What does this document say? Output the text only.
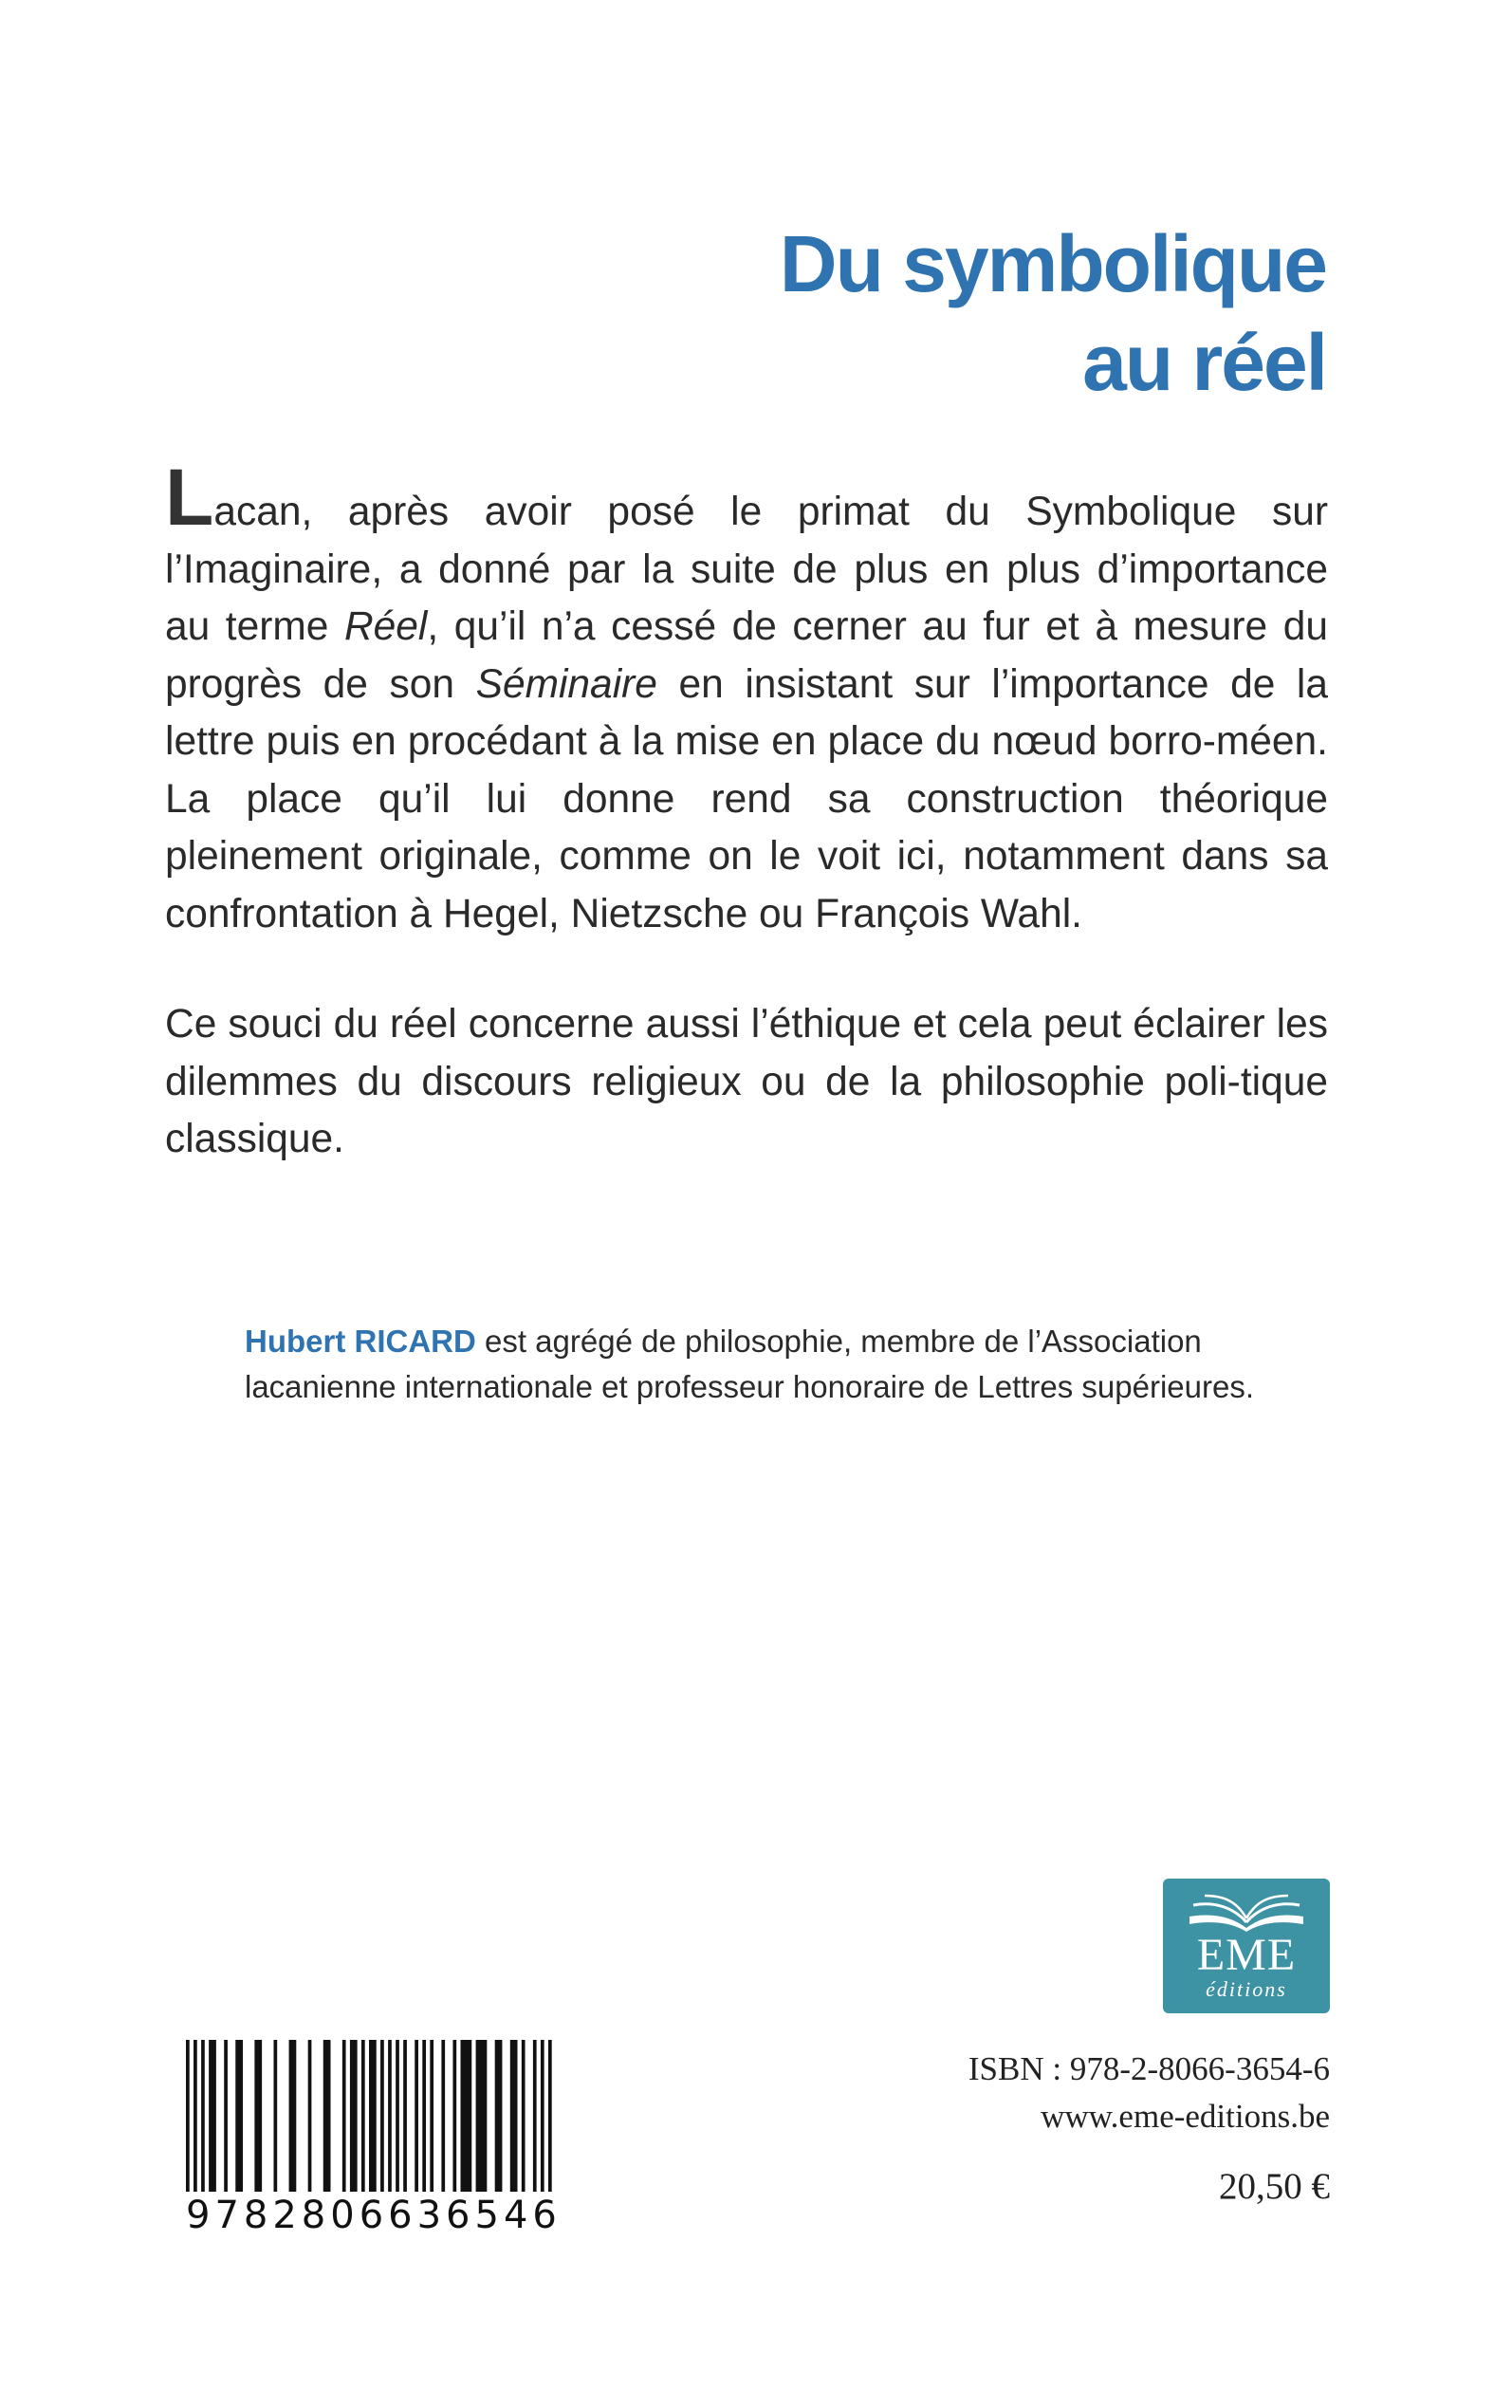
Du symbolique
au réel

Lacan, après avoir posé le primat du Symbolique sur l’Imaginaire, a donné par la suite de plus en plus d’importance au terme Réel, qu’il n’a cessé de cerner au fur et à mesure du progrès de son Séminaire en insistant sur l’importance de la lettre puis en procédant à la mise en place du nœud borro-méen. La place qu’il lui donne rend sa construction théorique pleinement originale, comme on le voit ici, notamment dans sa confrontation à Hegel, Nietzsche ou François Wahl.

Ce souci du réel concerne aussi l’éthique et cela peut éclairer les dilemmes du discours religieux ou de la philosophie poli-tique classique.

Hubert RICARD est agrégé de philosophie, membre de l’Association lacanienne internationale et professeur honoraire de Lettres supérieures.

EME
éditions
9782806636546
ISBN : 978-2-8066-3654-6
www.eme-editions.be
20,50 €
